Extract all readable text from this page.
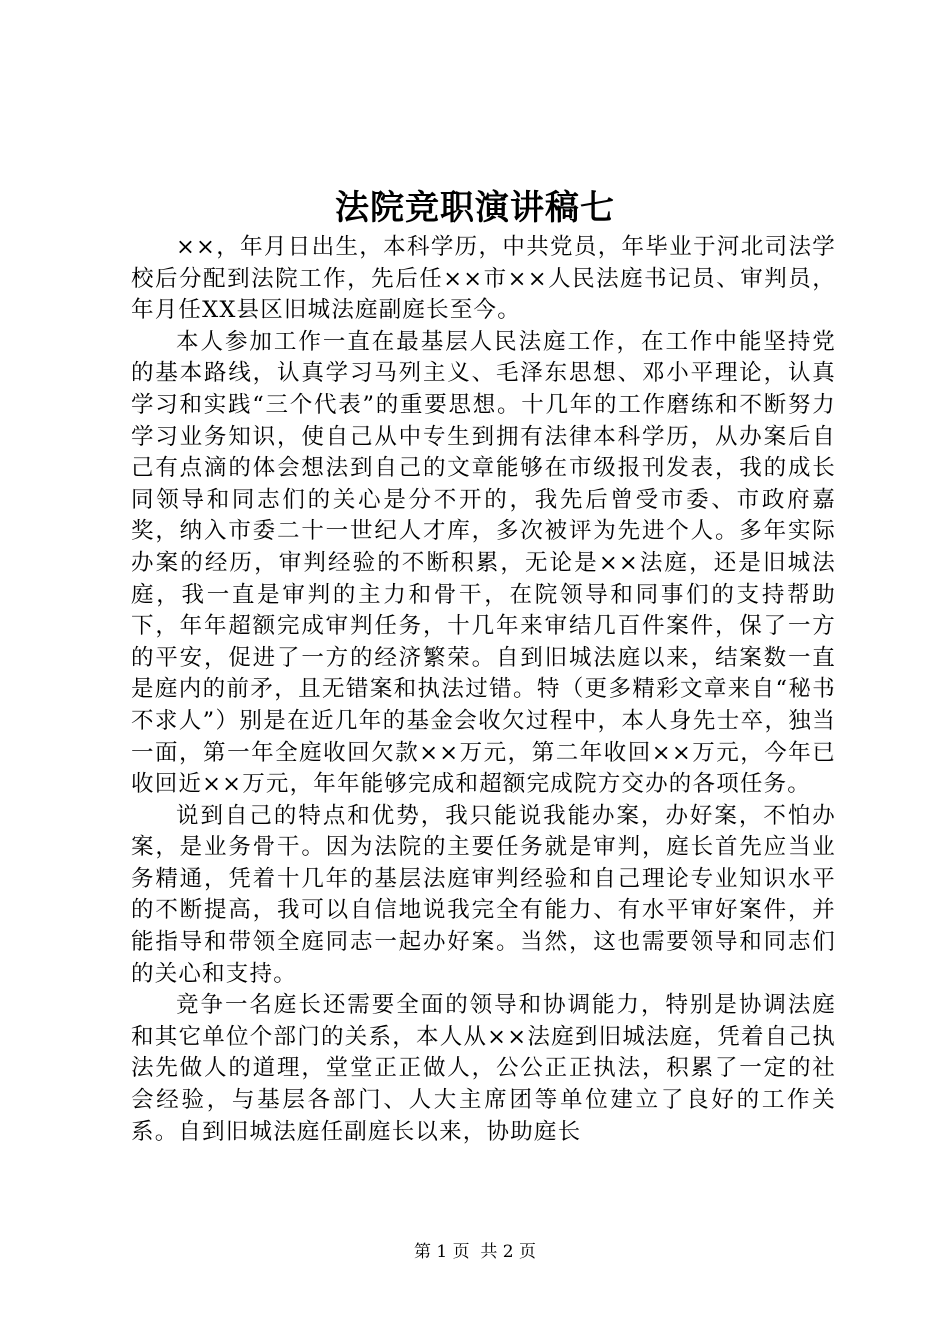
法院竞职演讲稿七

××，年月日出生，本科学历，中共党员，年毕业于河北司法学校后分配到法院工作，先后任××市××人民法庭书记员、审判员，年月任XX县区旧城法庭副庭长至今。

本人参加工作一直在最基层人民法庭工作，在工作中能坚持党的基本路线，认真学习马列主义、毛泽东思想、邓小平理论，认真学习和实践“三个代表”的重要思想。十几年的工作磨练和不断努力学习业务知识，使自己从中专生到拥有法律本科学历，从办案后自己有点滴的体会想法到自己的文章能够在市级报刊发表，我的成长同领导和同志们的关心是分不开的，我先后曾受市委、市政府嘉奖，纳入市委二十一世纪人才库，多次被评为先进个人。多年实际办案的经历，审判经验的不断积累，无论是××法庭，还是旧城法庭，我一直是审判的主力和骨干，在院领导和同事们的支持帮助下，年年超额完成审判任务，十几年来审结几百件案件，保了一方的平安，促进了一方的经济繁荣。自到旧城法庭以来，结案数一直是庭内的前矛，且无错案和执法过错。特（更多精彩文章来自“秘书不求人”）别是在近几年的基金会收欠过程中，本人身先士卒，独当一面，第一年全庭收回欠款××万元，第二年收回××万元，今年已收回近××万元，年年能够完成和超额完成院方交办的各项任务。

说到自己的特点和优势，我只能说我能办案，办好案，不怕办案，是业务骨干。因为法院的主要任务就是审判，庭长首先应当业务精通，凭着十几年的基层法庭审判经验和自己理论专业知识水平的不断提高，我可以自信地说我完全有能力、有水平审好案件，并能指导和带领全庭同志一起办好案。当然，这也需要领导和同志们的关心和支持。

竞争一名庭长还需要全面的领导和协调能力，特别是协调法庭和其它单位个部门的关系，本人从××法庭到旧城法庭，凭着自己执法先做人的道理，堂堂正正做人，公公正正执法，积累了一定的社会经验，与基层各部门、人大主席团等单位建立了良好的工作关系。自到旧城法庭任副庭长以来，协助庭长

第 1 页 共 2 页
